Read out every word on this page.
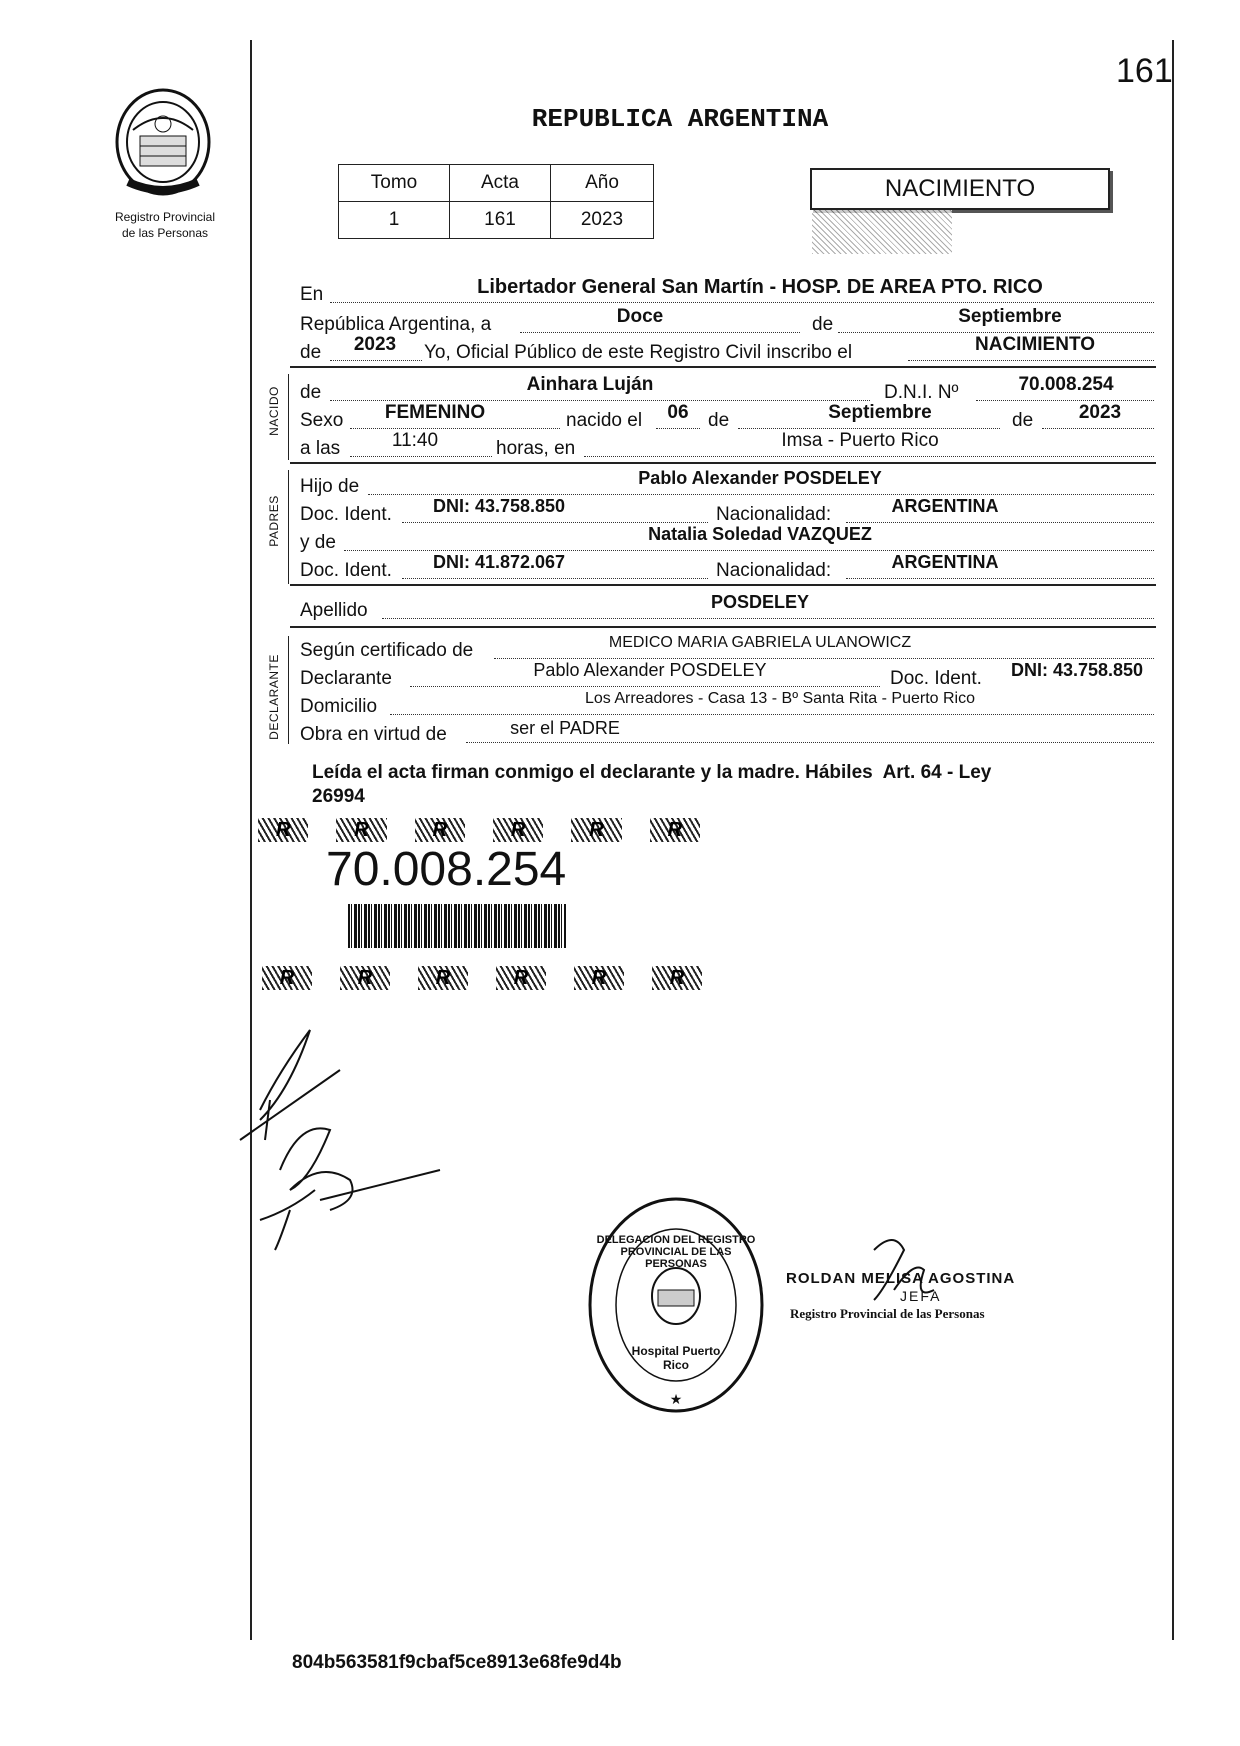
161
Registro Provincial
de las Personas
REPUBLICA ARGENTINA
Tomo	Acta	Año
1	161	2023
NACIMIENTO
En	Libertador General San Martín - HOSP. DE AREA PTO. RICO
República Argentina, a	Doce	de	Septiembre
de	2023	Yo, Oficial Público de este Registro Civil inscribo el	NACIMIENTO
NACIDO de	Ainhara Luján	D.N.I. Nº	70.008.254
Sexo	FEMENINO	nacido el	06	de	Septiembre	de	2023
a las	11:40	horas, en	Imsa - Puerto Rico
PADRES
Hijo de	Pablo Alexander POSDELEY
Doc. Ident.	DNI: 43.758.850	Nacionalidad:	ARGENTINA
y de	Natalia Soledad VAZQUEZ
Doc. Ident.	DNI: 41.872.067	Nacionalidad:	ARGENTINA
Apellido	POSDELEY
DECLARANTE
Según certificado de	MEDICO MARIA GABRIELA ULANOWICZ
Declarante	Pablo Alexander POSDELEY	Doc. Ident.	DNI: 43.758.850
Domicilio	Los Arreadores - Casa 13 - Bº Santa Rita - Puerto Rico
Obra en virtud de	ser el PADRE
Leída el acta firman conmigo el declarante y la madre. Hábiles  Art. 64 - Ley
26994
R	R	R	R	R	R
70.008.254
R	R	R	R	R	R
★
DELEGACION DEL REGISTRO PROVINCIAL DE LAS PERSONAS
Hospital Puerto Rico
ROLDAN MELISA AGOSTINA
JEFA
Registro Provincial de las Personas
804b563581f9cbaf5ce8913e68fe9d4b
